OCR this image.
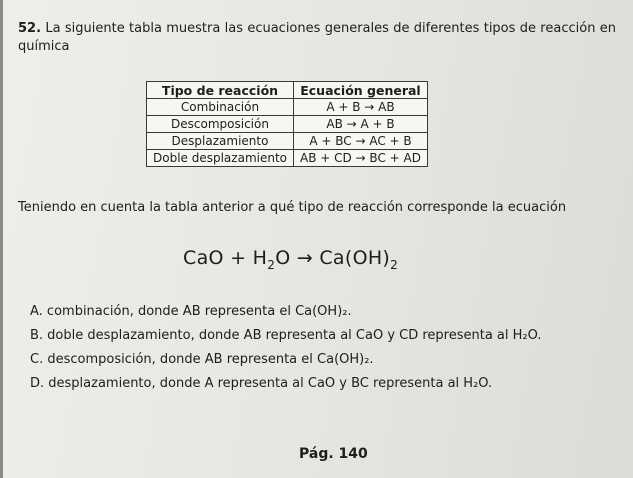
52. La siguiente tabla muestra las ecuaciones generales de diferentes tipos de reacción en química
Tipo de reacción	Ecuación general
Combinación	A + B → AB
Descomposición	AB → A + B
Desplazamiento	A + BC → AC + B
Doble desplazamiento	AB + CD → BC + AD
Teniendo en cuenta la tabla anterior a qué tipo de reacción corresponde la ecuación
CaO + $H_2O \to Ca(OH)_2$
A. combinación, donde AB representa el Ca(OH)₂.
B. doble desplazamiento, donde AB representa al CaO y CD representa al H₂O.
C. descomposición, donde AB representa el Ca(OH)₂.
D. desplazamiento, donde A representa al CaO y BC representa al H₂O.
Pág. 140
